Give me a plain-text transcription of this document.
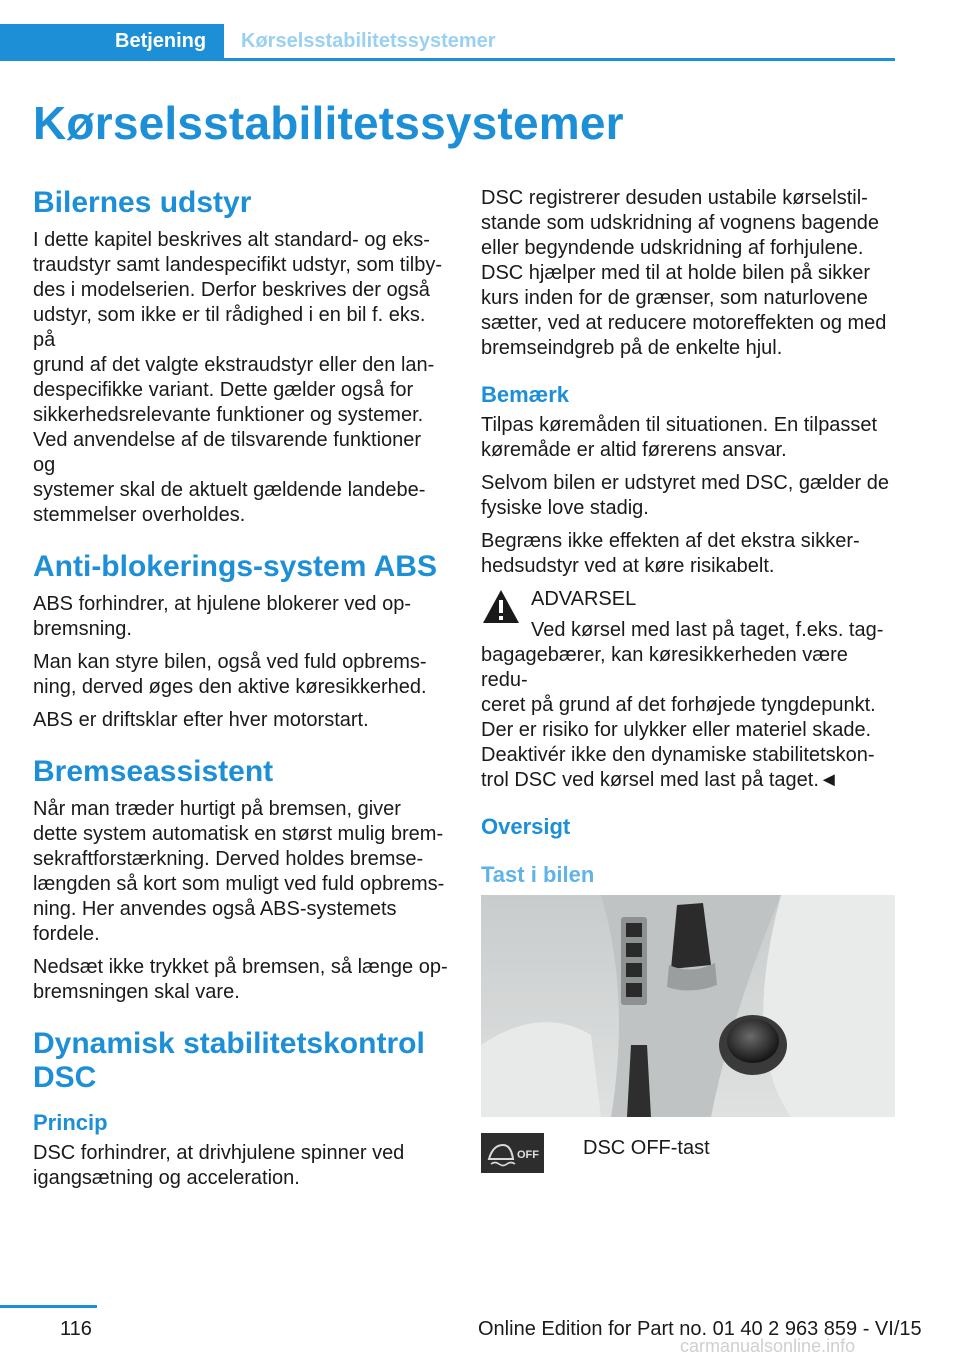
Betjening Kørselsstabilitetssystemer
Kørselsstabilitetssystemer
Bilernes udstyr

I dette kapitel beskrives alt standard- og eks-
traudstyr samt landespecifikt udstyr, som tilby-
des i modelserien. Derfor beskrives der også
udstyr, som ikke er til rådighed i en bil f. eks. på
grund af det valgte ekstraudstyr eller den lan-
despecifikke variant. Dette gælder også for
sikkerhedsrelevante funktioner og systemer.
Ved anvendelse af de tilsvarende funktioner og
systemer skal de aktuelt gældende landebe-
stemmelser overholdes.

Anti-blokerings-system ABS

ABS forhindrer, at hjulene blokerer ved op-
bremsning.

Man kan styre bilen, også ved fuld opbrems-
ning, derved øges den aktive køresikkerhed.

ABS er driftsklar efter hver motorstart.

Bremseassistent

Når man træder hurtigt på bremsen, giver
dette system automatisk en størst mulig brem-
sekraftforstærkning. Derved holdes bremse-
længden så kort som muligt ved fuld opbrems-
ning. Her anvendes også ABS-systemets
fordele.

Nedsæt ikke trykket på bremsen, så længe op-
bremsningen skal vare.

Dynamisk stabilitetskontrol
DSC
Princip

DSC forhindrer, at drivhjulene spinner ved
igangsætning og acceleration.

DSC registrerer desuden ustabile kørselstil-
stande som udskridning af vognens bagende
eller begyndende udskridning af forhjulene.
DSC hjælper med til at holde bilen på sikker
kurs inden for de grænser, som naturlovene
sætter, ved at reducere motoreffekten og med
bremseindgreb på de enkelte hjul.

Bemærk

Tilpas køremåden til situationen. En tilpasset
køremåde er altid førerens ansvar.

Selvom bilen er udstyret med DSC, gælder de
fysiske love stadig.

Begræns ikke effekten af det ekstra sikker-
hedsudstyr ved at køre risikabelt.

ADVARSEL
Ved kørsel med last på taget, f.eks. tag-

bagagebærer, kan køresikkerheden være redu-
ceret på grund af det forhøjede tyngdepunkt.
Der er risiko for ulykker eller materiel skade.
Deaktivér ikke den dynamiske stabilitetskon-
trol DSC ved kørsel med last på taget.◄

Oversigt
Tast i bilen
OFF DSC OFF-tast
116	Online Edition for Part no. 01 40 2 963 859 - VI/15
carmanualsonline.info
